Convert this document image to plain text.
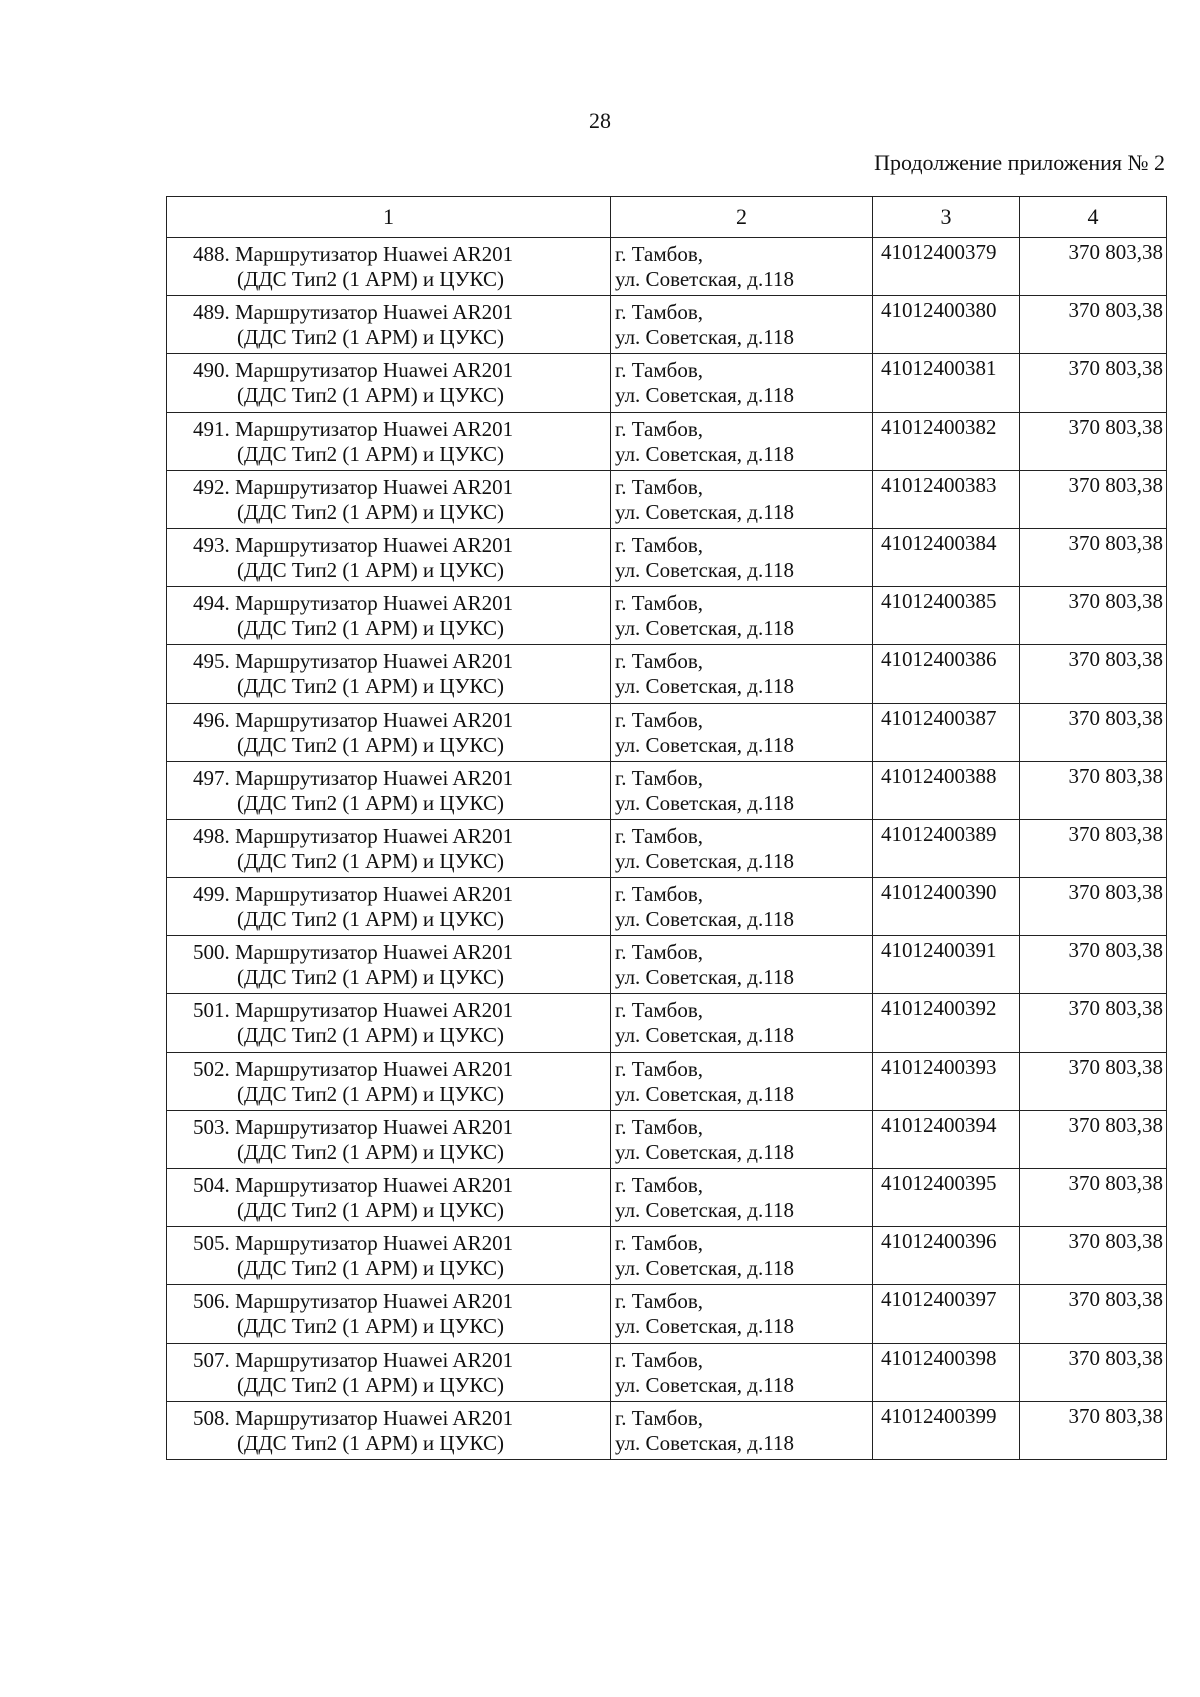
28
Продолжение приложения № 2
1	2	3	4

488. Маршрутизатор Huawei AR201
(ДДС Тип2 (1 АРМ) и ЦУКС)	г. Тамбов,
ул. Советская, д.118	41012400379	370 803,38

489. Маршрутизатор Huawei AR201
(ДДС Тип2 (1 АРМ) и ЦУКС)	г. Тамбов,
ул. Советская, д.118	41012400380	370 803,38

490. Маршрутизатор Huawei AR201
(ДДС Тип2 (1 АРМ) и ЦУКС)	г. Тамбов,
ул. Советская, д.118	41012400381	370 803,38

491. Маршрутизатор Huawei AR201
(ДДС Тип2 (1 АРМ) и ЦУКС)	г. Тамбов,
ул. Советская, д.118	41012400382	370 803,38

492. Маршрутизатор Huawei AR201
(ДДС Тип2 (1 АРМ) и ЦУКС)	г. Тамбов,
ул. Советская, д.118	41012400383	370 803,38

493. Маршрутизатор Huawei AR201
(ДДС Тип2 (1 АРМ) и ЦУКС)	г. Тамбов,
ул. Советская, д.118	41012400384	370 803,38

494. Маршрутизатор Huawei AR201
(ДДС Тип2 (1 АРМ) и ЦУКС)	г. Тамбов,
ул. Советская, д.118	41012400385	370 803,38

495. Маршрутизатор Huawei AR201
(ДДС Тип2 (1 АРМ) и ЦУКС)	г. Тамбов,
ул. Советская, д.118	41012400386	370 803,38

496. Маршрутизатор Huawei AR201
(ДДС Тип2 (1 АРМ) и ЦУКС)	г. Тамбов,
ул. Советская, д.118	41012400387	370 803,38

497. Маршрутизатор Huawei AR201
(ДДС Тип2 (1 АРМ) и ЦУКС)	г. Тамбов,
ул. Советская, д.118	41012400388	370 803,38

498. Маршрутизатор Huawei AR201
(ДДС Тип2 (1 АРМ) и ЦУКС)	г. Тамбов,
ул. Советская, д.118	41012400389	370 803,38

499. Маршрутизатор Huawei AR201
(ДДС Тип2 (1 АРМ) и ЦУКС)	г. Тамбов,
ул. Советская, д.118	41012400390	370 803,38

500. Маршрутизатор Huawei AR201
(ДДС Тип2 (1 АРМ) и ЦУКС)	г. Тамбов,
ул. Советская, д.118	41012400391	370 803,38

501. Маршрутизатор Huawei AR201
(ДДС Тип2 (1 АРМ) и ЦУКС)	г. Тамбов,
ул. Советская, д.118	41012400392	370 803,38

502. Маршрутизатор Huawei AR201
(ДДС Тип2 (1 АРМ) и ЦУКС)	г. Тамбов,
ул. Советская, д.118	41012400393	370 803,38

503. Маршрутизатор Huawei AR201
(ДДС Тип2 (1 АРМ) и ЦУКС)	г. Тамбов,
ул. Советская, д.118	41012400394	370 803,38

504. Маршрутизатор Huawei AR201
(ДДС Тип2 (1 АРМ) и ЦУКС)	г. Тамбов,
ул. Советская, д.118	41012400395	370 803,38

505. Маршрутизатор Huawei AR201
(ДДС Тип2 (1 АРМ) и ЦУКС)	г. Тамбов,
ул. Советская, д.118	41012400396	370 803,38

506. Маршрутизатор Huawei AR201
(ДДС Тип2 (1 АРМ) и ЦУКС)	г. Тамбов,
ул. Советская, д.118	41012400397	370 803,38

507. Маршрутизатор Huawei AR201
(ДДС Тип2 (1 АРМ) и ЦУКС)	г. Тамбов,
ул. Советская, д.118	41012400398	370 803,38

508. Маршрутизатор Huawei AR201
(ДДС Тип2 (1 АРМ) и ЦУКС)	г. Тамбов,
ул. Советская, д.118	41012400399	370 803,38
